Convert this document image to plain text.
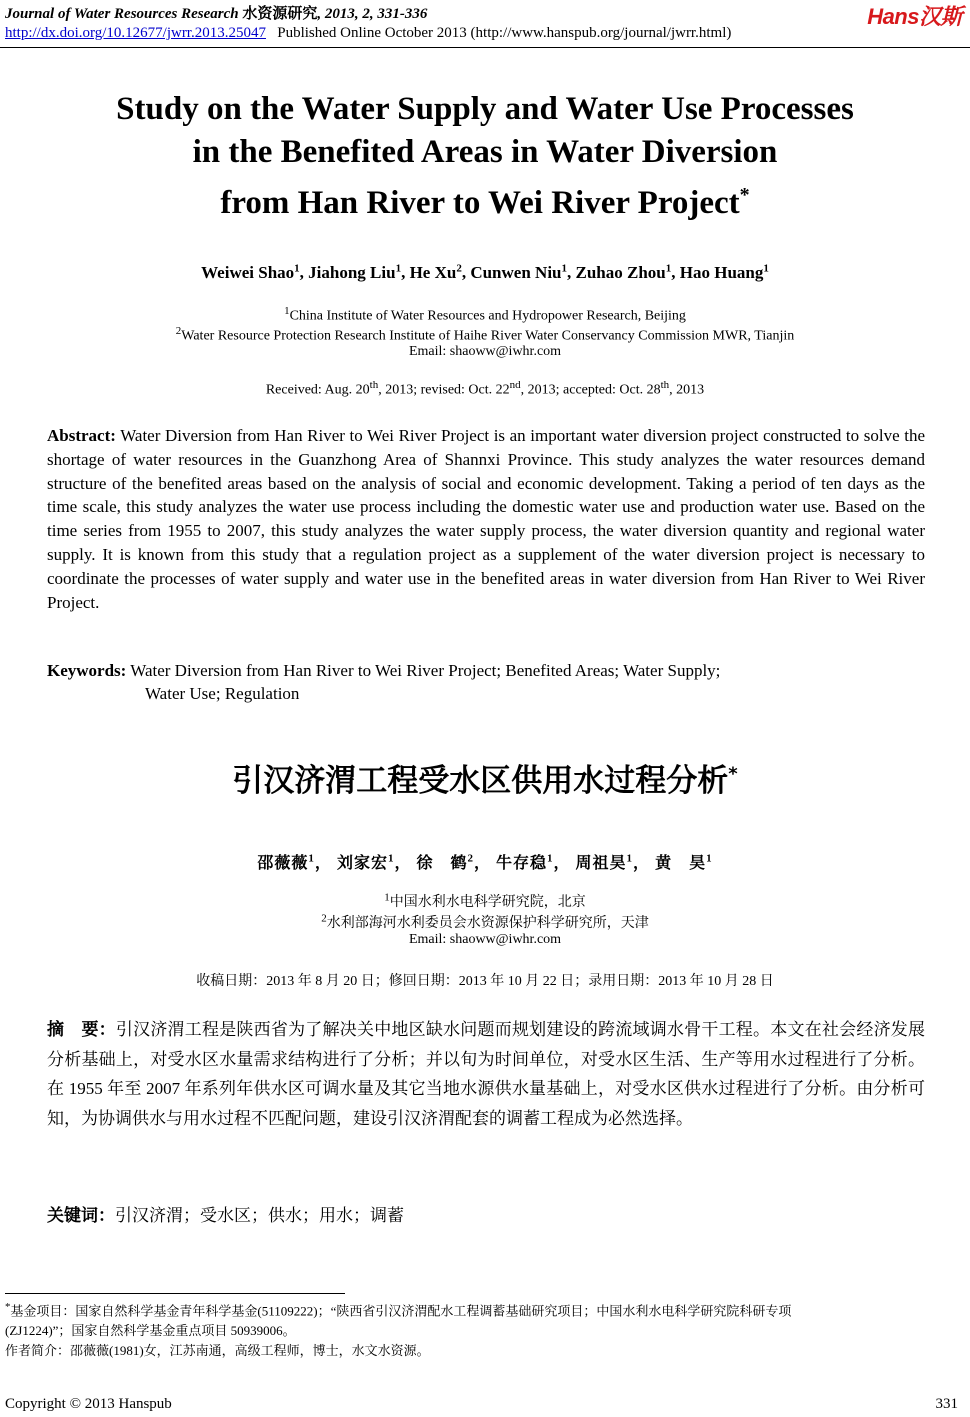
Journal of Water Resources Research 水资源研究, 2013, 2, 331-336
http://dx.doi.org/10.12677/jwrr.2013.25047 Published Online October 2013 (http://www.hanspub.org/journal/jwrr.html)
Hans汉斯
Study on the Water Supply and Water Use Processes
in the Benefited Areas in Water Diversion
from Han River to Wei River Project*
Weiwei Shao$^1$, Jiahong Liu$^1$, He Xu$^2$, Cunwen Niu$^1$, Zuhao Zhou$^1$, Hao Huang$^1$
$^1$China Institute of Water Resources and Hydropower Research, Beijing
$^2$Water Resource Protection Research Institute of Haihe River Water Conservancy Commission MWR, Tianjin
Email: shaoww@iwhr.com
Received: Aug. 20th, 2013; revised: Oct. 22nd, 2013; accepted: Oct. 28th, 2013
Abstract: Water Diversion from Han River to Wei River Project is an important water diversion project constructed to solve the shortage of water resources in the Guanzhong Area of Shannxi Province. This study analyzes the water resources demand structure of the benefited areas based on the analysis of social and economic development. Taking a period of ten days as the time scale, this study analyzes the water use process including the domestic water use and production water use. Based on the time series from 1955 to 2007, this study analyzes the water supply process, the water diversion quantity and regional water supply. It is known from this study that a regulation project as a supplement of the water diversion project is necessary to coordinate the processes of water supply and water use in the benefited areas in water diversion from Han River to Wei River Project.
Keywords: Water Diversion from Han River to Wei River Project; Benefited Areas; Water Supply;
Water Use; Regulation
引汉济渭工程受水区供用水过程分析*
邵薇薇$^1$， 刘家宏$^1$， 徐　鹤$^2$， 牛存稳$^1$， 周祖昊$^1$， 黄　昊$^1$
$^1$中国水利水电科学研究院，北京
$^2$水利部海河水利委员会水资源保护科学研究所，天津
Email: shaoww@iwhr.com
收稿日期：2013 年 8 月 20 日；修回日期：2013 年 10 月 22 日；录用日期：2013 年 10 月 28 日
摘　要：引汉济渭工程是陕西省为了解决关中地区缺水问题而规划建设的跨流域调水骨干工程。本文在社会经济发展分析基础上，对受水区水量需求结构进行了分析；并以旬为时间单位，对受水区生活、生产等用水过程进行了分析。在 1955 年至 2007 年系列年供水区可调水量及其它当地水源供水量基础上，对受水区供水过程进行了分析。由分析可知，为协调供水与用水过程不匹配问题，建设引汉济渭配套的调蓄工程成为必然选择。
关键词：引汉济渭；受水区；供水；用水；调蓄
*基金项目：国家自然科学基金青年科学基金(51109222)；“陕西省引汉济渭配水工程调蓄基础研究项目；中国水利水电科学研究院科研专项
(ZJ1224)”；国家自然科学基金重点项目 50939006。
作者简介：邵薇薇(1981)女，江苏南通，高级工程师，博士，水文水资源。
Copyright © 2013 Hanspub	331
